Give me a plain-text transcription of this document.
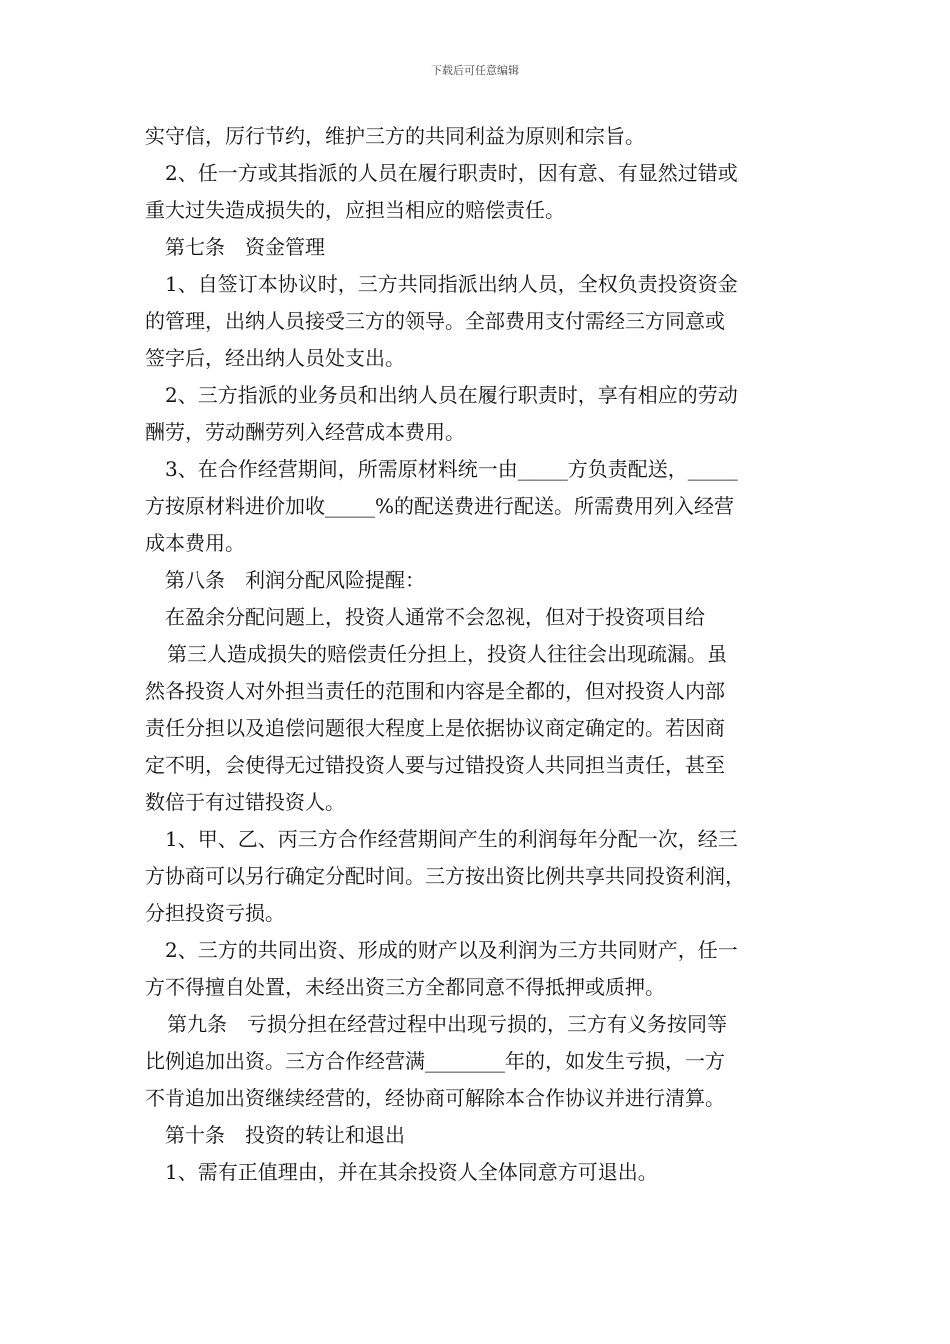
下载后可任意编辑
实守信，厉行节约，维护三方的共同利益为原则和宗旨。
2、任一方或其指派的人员在履行职责时，因有意、有显然过错或
重大过失造成损失的，应担当相应的赔偿责任。
第七条　资金管理
1、自签订本协议时，三方共同指派出纳人员，全权负责投资资金
的管理，出纳人员接受三方的领导。全部费用支付需经三方同意或
签字后，经出纳人员处支出。
2、三方指派的业务员和出纳人员在履行职责时，享有相应的劳动
酬劳，劳动酬劳列入经营成本费用。
3、在合作经营期间，所需原材料统一由_____方负责配送，_____
方按原材料进价加收_____%的配送费进行配送。所需费用列入经营
成本费用。
第八条　利润分配风险提醒：
在盈余分配问题上，投资人通常不会忽视，但对于投资项目给
第三人造成损失的赔偿责任分担上，投资人往往会出现疏漏。虽
然各投资人对外担当责任的范围和内容是全都的，但对投资人内部
责任分担以及追偿问题很大程度上是依据协议商定确定的。若因商
定不明，会使得无过错投资人要与过错投资人共同担当责任，甚至
数倍于有过错投资人。
1、甲、乙、丙三方合作经营期间产生的利润每年分配一次，经三
方协商可以另行确定分配时间。三方按出资比例共享共同投资利润，
分担投资亏损。
2、三方的共同出资、形成的财产以及利润为三方共同财产，任一
方不得擅自处置，未经出资三方全都同意不得抵押或质押。
第九条　亏损分担在经营过程中出现亏损的，三方有义务按同等
比例追加出资。三方合作经营满________年的，如发生亏损，一方
不肯追加出资继续经营的，经协商可解除本合作协议并进行清算。
第十条　投资的转让和退出
1、需有正值理由，并在其余投资人全体同意方可退出。
